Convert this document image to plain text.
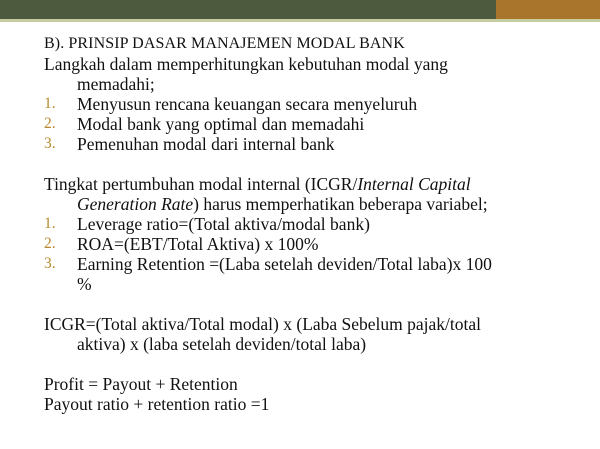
B). PRINSIP DASAR MANAJEMEN MODAL BANK
Langkah dalam memperhitungkan kebutuhan modal yang
memadahi;
1. Menyusun rencana keuangan secara menyeluruh
2. Modal bank yang optimal dan memadahi
3. Pemenuhan modal dari internal bank
Tingkat pertumbuhan modal internal (ICGR/Internal Capital
Generation Rate) harus memperhatikan beberapa variabel;
1. Leverage ratio=(Total aktiva/modal bank)
2. ROA=(EBT/Total Aktiva) x 100%
3. Earning Retention =(Laba setelah deviden/Total laba)x 100
%
ICGR=(Total aktiva/Total modal) x (Laba Sebelum pajak/total
aktiva) x (laba setelah deviden/total laba)
Profit = Payout + Retention
Payout ratio + retention ratio =1
